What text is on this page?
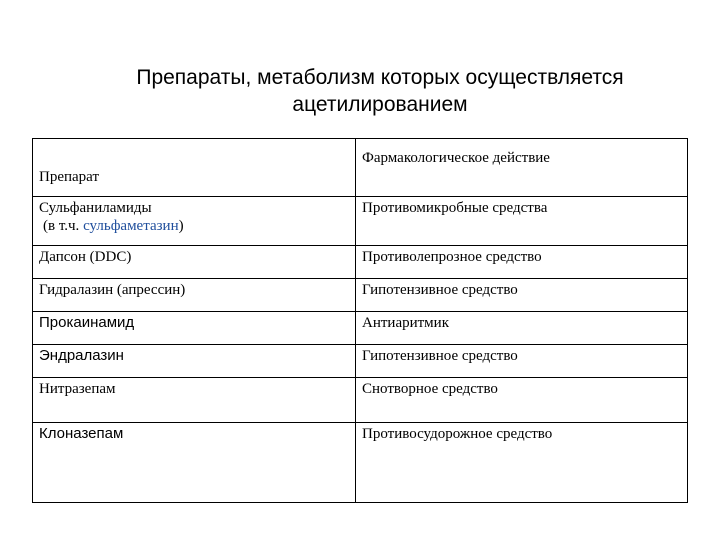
Препараты, метаболизм которых осуществляется
ацетилированием
Препарат	Фармакологическое действие

Сульфаниламиды
(в т.ч. сульфаметазин)	Противомикробные средства
Дапсон (DDC)	Противолепрозное средство
Гидралазин (апрессин)	Гипотензивное средство
Прокаинамид	Антиаритмик
Эндралазин	Гипотензивное средство
Нитразепам	Снотворное средство
Клоназепам	Противосудорожное средство
